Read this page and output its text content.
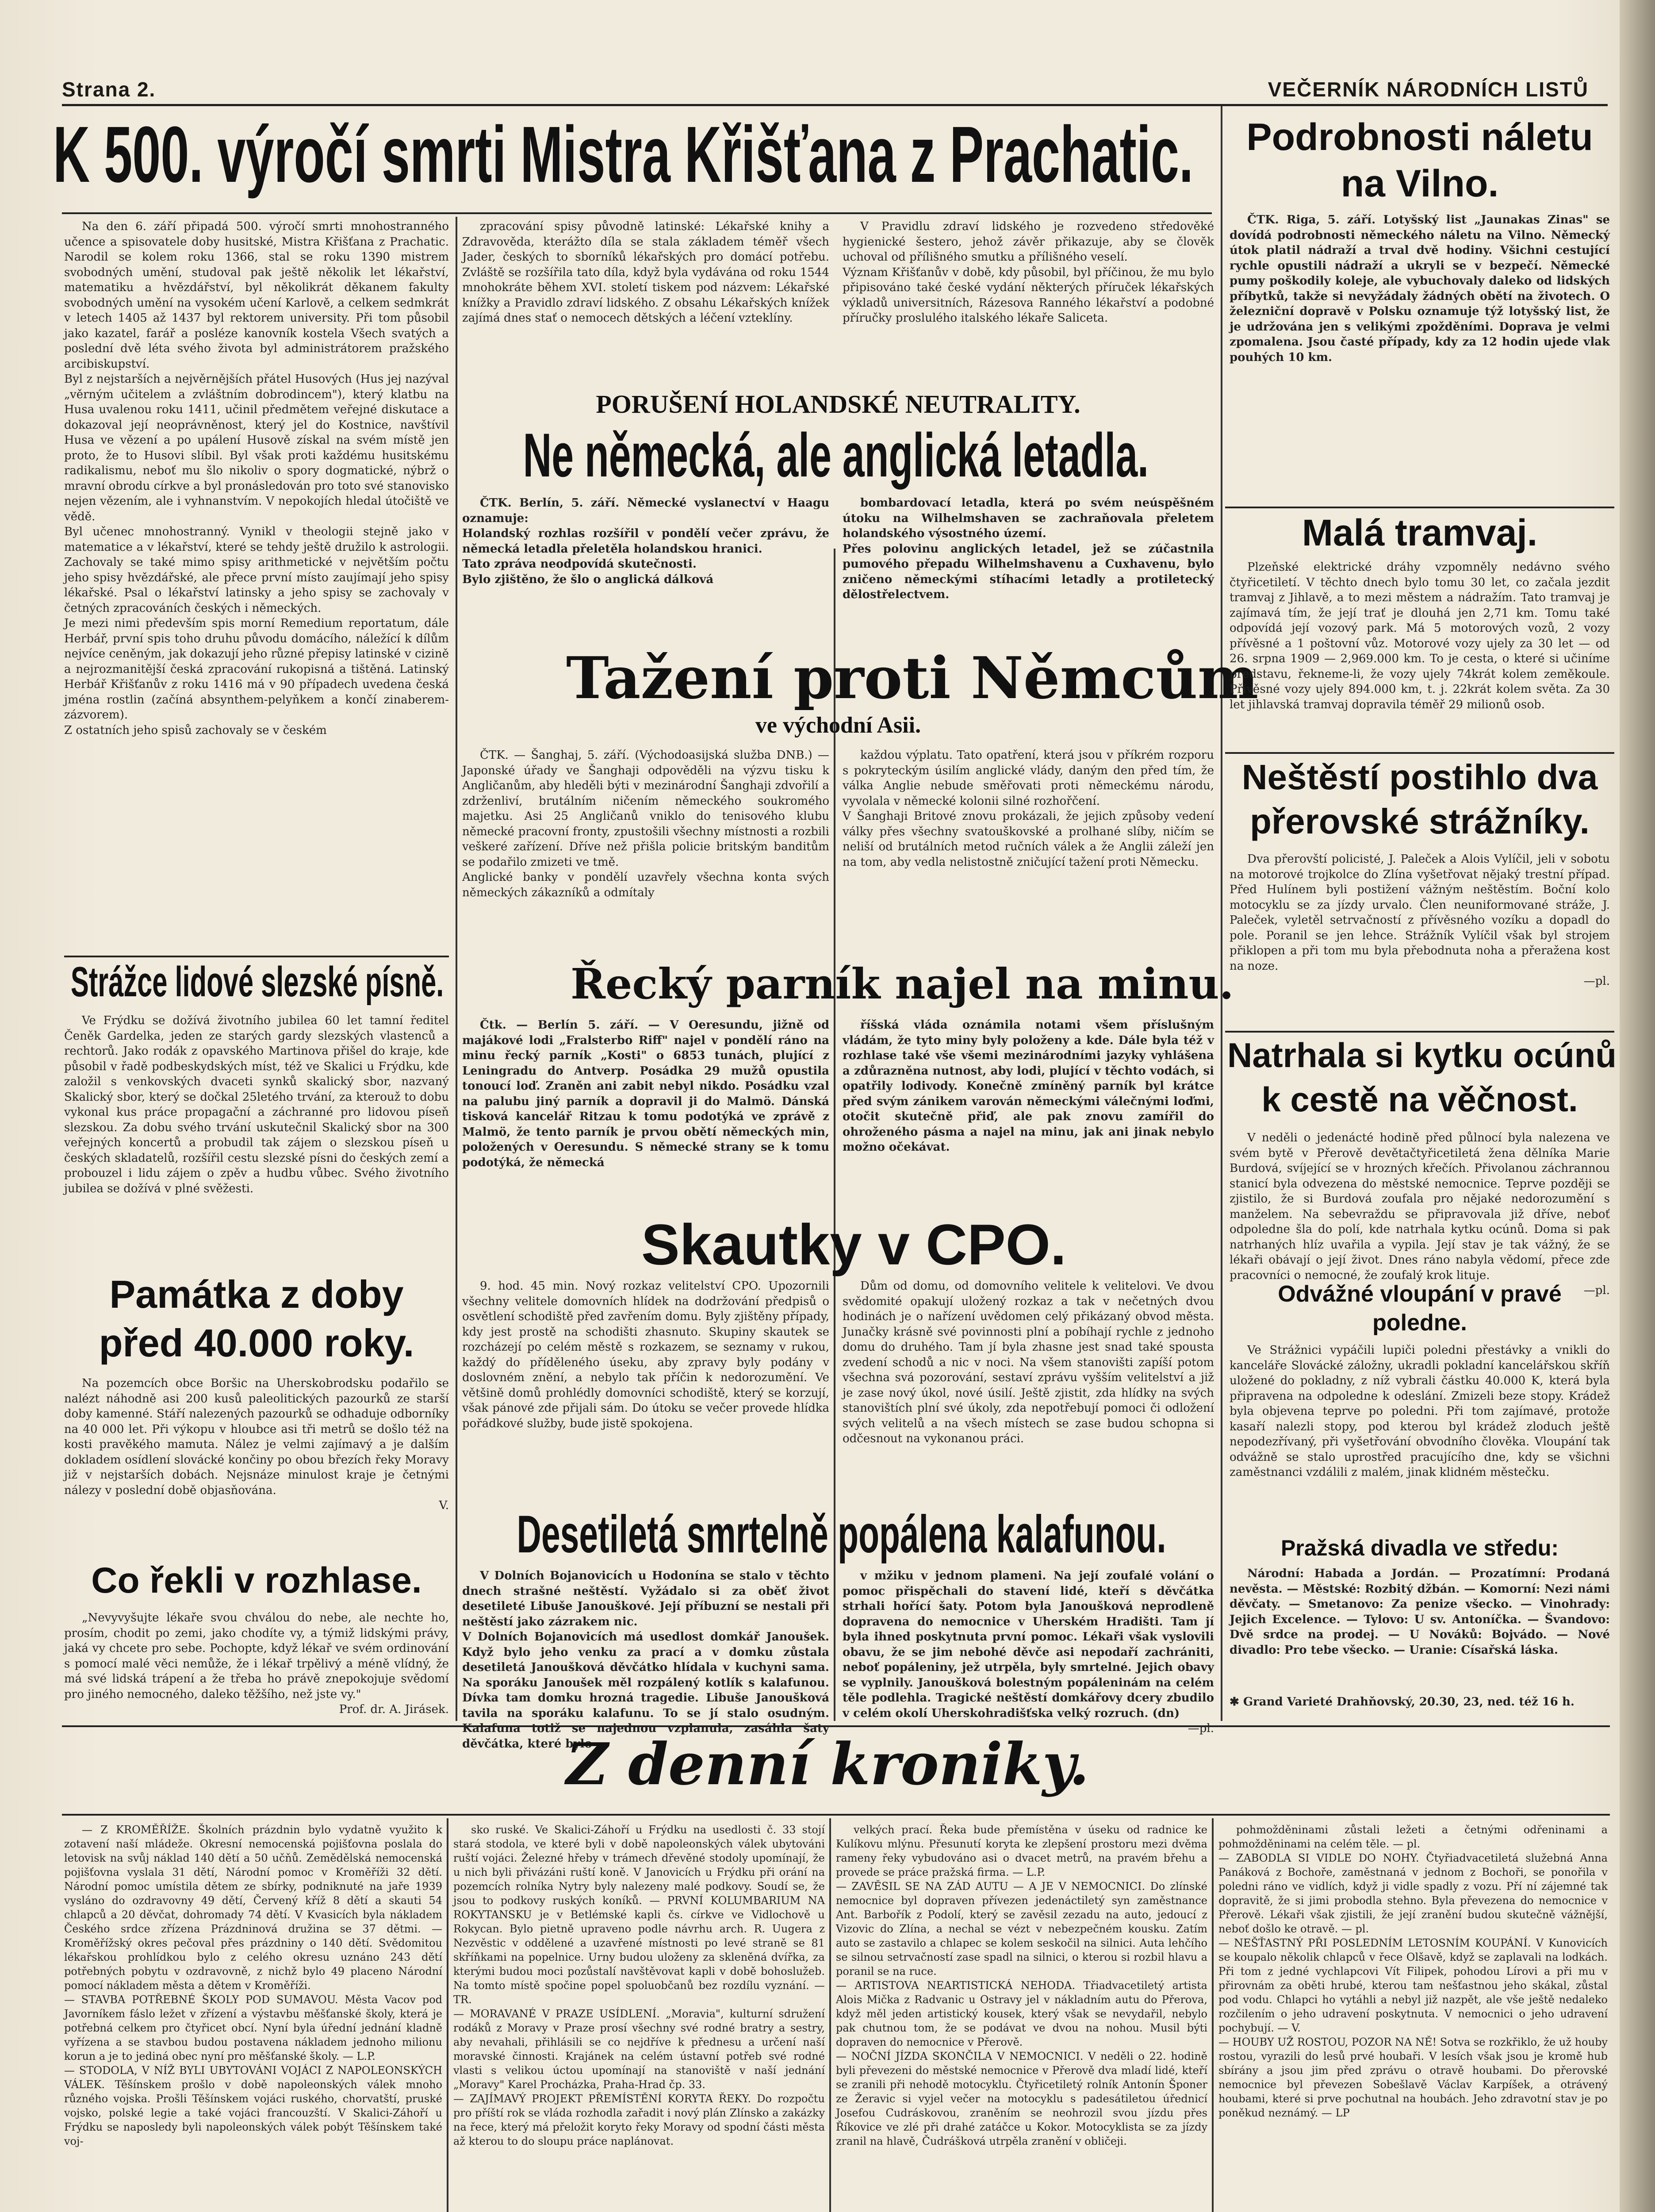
Strana 2.	VEČERNÍK NÁRODNÍCH LISTŮ
K 500. výročí smrti Mistra Křišťana z Prachatic.

Na den 6. září připadá 500. výročí smrti mnohostranného učence a spisovatele doby husitské, Mistra Křišťana z Prachatic. Narodil se kolem roku 1366, stal se roku 1390 mistrem svobodných umění, studoval pak ještě několik let lékařství, matematiku a hvězdářství, byl několikrát děkanem fakulty svobodných umění na vysokém učení Karlově, a celkem sedmkrát v letech 1405 až 1437 byl rektorem university. Při tom působil jako kazatel, farář a posléze kanovník kostela Všech svatých a poslední dvě léta svého života byl administrátorem pražského arcibiskupství.
Byl z nejstarších a nejvěrnějších přátel Husových (Hus jej nazýval „věrným učitelem a zvláštním dobrodincem"), který klatbu na Husa uvalenou roku 1411, učinil předmětem veřejné diskutace a dokazoval její neoprávněnost, který jel do Kostnice, navštívil Husa ve vězení a po upálení Husově získal na svém místě jen proto, že to Husovi slíbil. Byl však proti každému husitskému radikalismu, neboť mu šlo nikoliv o spory dogmatické, nýbrž o mravní obrodu církve a byl pronásledován pro toto své stanovisko nejen vězením, ale i vyhnanstvím. V nepokojích hledal útočiště ve vědě.
Byl učenec mnohostranný. Vynikl v theologii stejně jako v matematice a v lékařství, které se tehdy ještě družilo k astrologii. Zachovaly se také mimo spisy arithmetické v největším počtu jeho spisy hvězdářské, ale přece první místo zaujímají jeho spisy lékařské. Psal o lékařství latinsky a jeho spisy se zachovaly v četných zpracováních českých i německých.
Je mezi nimi především spis morní Remedium reportatum, dále Herbář, první spis toho druhu původu domácího, náležící k dílům nejvíce ceněným, jak dokazují jeho různé přepisy latinské v cizině a nejrozmanitější česká zpracování rukopisná a tištěná. Latinský Herbář Křišťanův z roku 1416 má v 90 případech uvedena česká jména rostlin (začíná absynthem-pelyňkem a končí zinaberem-zázvorem).
Z ostatních jeho spisů zachovaly se v českém

zpracování spisy původně latinské: Lékařské knihy a Zdravověda, kterážto díla se stala základem téměř všech Jader, českých to sborníků lékařských pro domácí potřebu. Zvláště se rozšířila tato díla, když byla vydávána od roku 1544 mnohokráte během XVI. století tiskem pod názvem: Lékařské knížky a Pravidlo zdraví lidského. Z obsahu Lékařských knížek zajímá dnes stať o nemocech dětských a léčení vzteklíny.

V Pravidlu zdraví lidského je rozvedeno středověké hygienické šestero, jehož závěr přikazuje, aby se člověk uchoval od přílišného smutku a přílišného veselí.
Význam Křišťanův v době, kdy působil, byl příčinou, že mu bylo připisováno také české vydání některých příruček lékařských výkladů universitních, Rázesova Ranného lékařství a podobné příručky proslulého italského lékaře Saliceta.

PORUŠENÍ HOLANDSKÉ NEUTRALITY.
Ne německá, ale anglická letadla.

ČTK. Berlín, 5. září. Německé vyslanectví v Haagu oznamuje:
Holandský rozhlas rozšířil v pondělí večer zprávu, že německá letadla přeletěla holandskou hranici.
Tato zpráva neodpovídá skutečnosti.
Bylo zjištěno, že šlo o anglická dálková

bombardovací letadla, která po svém neúspěšném útoku na Wilhelmshaven se zachraňovala přeletem holandského výsostného území.
Přes polovinu anglických letadel, jež se zúčastnila pumového přepadu Wilhelmshavenu a Cuxhavenu, bylo zničeno německými stíhacími letadly a protiletecký dělostřelectvem.

Tažení proti Němcům
ve východní Asii.

ČTK. — Šanghaj, 5. září. (Východoasijská služba DNB.) — Japonské úřady ve Šanghaji odpověděli na výzvu tisku k Angličanům, aby hleděli býti v mezinárodní Šanghaji zdvořilí a zdrženliví, brutálním ničením německého soukromého majetku. Asi 25 Angličanů vniklo do tenisového klubu německé pracovní fronty, zpustošili všechny místnosti a rozbili veškeré zařízení. Dříve než přišla policie britským banditům se podařilo zmizeti ve tmě.
Anglické banky v pondělí uzavřely všechna konta svých německých zákazníků a odmítaly

každou výplatu. Tato opatření, která jsou v příkrém rozporu s pokryteckým úsilím anglické vlády, daným den před tím, že válka Anglie nebude směřovati proti německému národu, vyvolala v německé kolonii silné rozhořčení.
V Šanghaji Britové znovu prokázali, že jejich způsoby vedení války přes všechny svatouškovské a prolhané slíby, ničím se neliší od brutálních metod ručních válek a že Anglii záleží jen na tom, aby vedla nelistostně zničující tažení proti Německu.

Řecký parník najel na minu.

Čtk. — Berlín 5. září. — V Oeresundu, jižně od majákové lodi „Fralsterbo Riff" najel v pondělí ráno na minu řecký parník „Kosti" o 6853 tunách, plující z Leningradu do Antverp. Posádka 29 mužů opustila tonoucí loď. Zraněn ani zabit nebyl nikdo. Posádku vzal na palubu jiný parník a dopravil ji do Malmö. Dánská tisková kancelář Ritzau k tomu podotýká ve zprávě z Malmö, že tento parník je prvou obětí německých min, položených v Oeresundu. S německé strany se k tomu podotýká, že německá

říšská vláda oznámila notami všem příslušným vládám, že tyto miny byly položeny a kde. Dále byla též v rozhlase také vše všemi mezinárodními jazyky vyhlášena a zdůrazněna nutnost, aby lodi, plující v těchto vodách, si opatřily lodivody. Konečně zmíněný parník byl krátce před svým zánikem varován německými válečnými loďmi, otočit skutečně přiď, ale pak znovu zamířil do ohroženého pásma a najel na minu, jak ani jinak nebylo možno očekávat.

Skautky v CPO.

9. hod. 45 min. Nový rozkaz velitelství CPO. Upozornili všechny velitele domovních hlídek na dodržování předpisů o osvětlení schodiště před zavřením domu. Byly zjištěny případy, kdy jest prostě na schodišti zhasnuto. Skupiny skautek se rozcházejí po celém městě s rozkazem, se seznamy v rukou, každý do příděleného úseku, aby zpravy byly podány v doslovném znění, a nebylo tak příčin k nedorozumění. Ve většině domů prohlédly domovníci schodiště, který se korzují, však pánové zde přijali sám. Do útoku se večer provede hlídka pořádkové služby, bude jistě spokojena.

Dům od domu, od domovního velitele k velitelovi. Ve dvou svědomité opakují uložený rozkaz a tak v nečetných dvou hodinách je o nařízení uvědomen celý přikázaný obvod města. Junačky krásně své povinnosti plní a pobíhají rychle z jednoho domu do druhého. Tam jí byla zhasne jest snad také spousta zvedení schodů a nic v noci. Na všem stanovišti zapíší potom všechna svá pozorování, sestaví zprávu vyšším velitelství a již je zase nový úkol, nové úsilí. Ještě zjistit, zda hlídky na svých stanovištích plní své úkoly, zda nepotřebují pomoci či odložení svých velitelů a na všech místech se zase budou schopna si odčesnout na vykonanou práci.

Desetiletá smrtelně popálena kalafunou.

V Dolních Bojanovicích u Hodonína se stalo v těchto dnech strašné neštěstí. Vyžádalo si za oběť život desetileté Libuše Janouškové. Její příbuzní se nestali při neštěstí jako zázrakem nic.
V Dolních Bojanovicích má usedlost domkář Janoušek. Když bylo jeho venku za prací a v domku zůstala desetiletá Janoušková děvčátko hlídala v kuchyni sama. Na sporáku Janoušek měl rozpálený kotlík s kalafunou. Dívka tam domku hrozná tragedie. Libuše Janoušková tavila na sporáku kalafunu. To se jí stalo osudným. Kalafuna totiž se najednou vzplanula, zasáhla šaty děvčátka, které bylo

v mžiku v jednom plameni. Na její zoufalé volání o pomoc přispěchali do stavení lidé, kteří s děvčátka strhali hořící šaty. Potom byla Janoušková neprodleně dopravena do nemocnice v Uherském Hradišti. Tam jí byla ihned poskytnuta první pomoc. Lékaři však vyslovili obavu, že se jim nebohé děvče asi nepodaří zachrániti, neboť popáleniny, jež utrpěla, byly smrtelné. Jejich obavy se vyplnily. Janoušková bolestným popáleninám na celém těle podlehla. Tragické neštěstí domkářovy dcery zbudilo v celém okolí Uherskohradišťska velký rozruch. (dn)

—pl.

Strážce lidové slezské písně.

Ve Frýdku se dožívá životního jubilea 60 let tamní ředitel Čeněk Gardelka, jeden ze starých gardy slezských vlastenců a rechtorů. Jako rodák z opavského Martinova přišel do kraje, kde působil v řadě podbeskydských míst, též ve Skalici u Frýdku, kde založil s venkovských dvaceti synků skalický sbor, nazvaný Skalický sbor, který se dočkal 25letého trvání, za kterouž to dobu vykonal kus práce propagační a záchranné pro lidovou píseň slezskou. Za dobu svého trvání uskutečnil Skalický sbor na 300 veřejných koncertů a probudil tak zájem o slezskou píseň u českých skladatelů, rozšířil cestu slezské písni do českých zemí a probouzel i lidu zájem o zpěv a hudbu vůbec. Svého životního jubilea se dožívá v plné svěžesti.

Památka z doby
před 40.000 roky.

Na pozemcích obce Boršic na Uherskobrodsku podařilo se nalézt náhodně asi 200 kusů paleolitických pazourků ze starší doby kamenné. Stáří nalezených pazourků se odhaduje odborníky na 40 000 let. Při výkopu v hloubce asi tři metrů se došlo též na kosti pravěkého mamuta. Nález je velmi zajímavý a je dalším dokladem osídlení slovácké končiny po obou březích řeky Moravy již v nejstarších dobách. Nejsnáze minulost kraje je četnými nálezy v poslední době objasňována.

V.

Co řekli v rozhlase.

„Nevyvyšujte lékaře svou chválou do nebe, ale nechte ho, prosím, chodit po zemi, jako chodíte vy, a týmiž lidskými právy, jaká vy chcete pro sebe. Pochopte, když lékař ve svém ordinování s pomocí malé věci nemůže, že i lékař trpělivý a méně vlídný, že má své lidská trápení a že třeba ho právě znepokojuje svědomí pro jiného nemocného, daleko těžšího, než jste vy."

Prof. dr. A. Jirásek.

Podrobnosti náletu
na Vilno.

ČTK. Riga, 5. září. Lotyšský list „Jaunakas Zinas" se dovídá podrobnosti německého náletu na Vilno. Německý útok platil nádraží a trval dvě hodiny. Všichni cestující rychle opustili nádraží a ukryli se v bezpečí. Německé pumy poškodily koleje, ale vybuchovaly daleko od lidských příbytků, takže si nevyžádaly žádných obětí na životech. O železniční dopravě v Polsku oznamuje týž lotyšský list, že je udržována jen s velikými zpožděními. Doprava je velmi zpomalena. Jsou časté případy, kdy za 12 hodin ujede vlak pouhých 10 km.

Malá tramvaj.

Plzeňské elektrické dráhy vzpomněly nedávno svého čtyřicetiletí. V těchto dnech bylo tomu 30 let, co začala jezdit tramvaj z Jihlavě, a to mezi městem a nádražím. Tato tramvaj je zajímavá tím, že její trať je dlouhá jen 2,71 km. Tomu také odpovídá její vozový park. Má 5 motorových vozů, 2 vozy přívěsné a 1 poštovní vůz. Motorové vozy ujely za 30 let — od 26. srpna 1909 — 2,969.000 km. To je cesta, o které si učiníme představu, řekneme-li, že vozy ujely 74krát kolem zeměkoule. Přívěsné vozy ujely 894.000 km, t. j. 22krát kolem světa. Za 30 let jihlavská tramvaj dopravila téměř 29 milionů osob.

Neštěstí postihlo dva
přerovské strážníky.

Dva přerovští policisté, J. Paleček a Alois Vylíčil, jeli v sobotu na motorové trojkolce do Zlína vyšetřovat nějaký trestní případ. Před Hulínem byli postižení vážným neštěstím. Boční kolo motocyklu se za jízdy urvalo. Člen neuniformované stráže, J. Paleček, vyletěl setrvačností z přívěsného vozíku a dopadl do pole. Poranil se jen lehce. Strážník Vylíčil však byl strojem přiklopen a při tom mu byla přebodnuta noha a přeražena kost na noze.

—pl.

Natrhala si kytku ocúnů
k cestě na věčnost.

V neděli o jedenácté hodině před půlnocí byla nalezena ve svém bytě v Přerově devětačtyřicetiletá žena dělníka Marie Burdová, svíjející se v hrozných křečích. Přivolanou záchrannou stanicí byla odvezena do městské nemocnice. Teprve později se zjistilo, že si Burdová zoufala pro nějaké nedorozumění s manželem. Na sebevraždu se připravovala již dříve, neboť odpoledne šla do polí, kde natrhala kytku ocúnů. Doma si pak natrhaných hlíz uvařila a vypila. Její stav je tak vážný, že se lékaři obávají o její život. Dnes ráno nabyla vědomí, přece zde pracovníci o nemocné, že zoufalý krok lituje.

—pl.

Odvážné vloupání v pravé
poledne.

Ve Strážnici vypáčili lupiči poledni přestávky a vnikli do kanceláře Slovácké záložny, ukradli pokladní kancelářskou skříň uložené do pokladny, z níž vybrali částku 40.000 K, která byla připravena na odpoledne k odeslání. Zmizeli beze stopy. Krádež byla objevena teprve po poledni. Při tom zajímavé, protože kasaří nalezli stopy, pod kterou byl krádež zloduch ještě nepodezřívaný, při vyšetřování obvodního člověka. Vloupání tak odvážně se stalo uprostřed pracujícího dne, kdy se všichni zaměstnanci vzdálili z malém, jinak klidném městečku.

Pražská divadla ve středu:

Národní: Habada a Jordán. — Prozatímní: Prodaná nevěsta. — Městské: Rozbitý džbán. — Komorní: Nezi námi děvčaty. — Smetanovo: Za penize všecko. — Vinohrady: Jejich Excelence. — Tylovo: U sv. Antoníčka. — Švandovo: Dvě srdce na prodej. — U Nováků: Bojvádo. — Nové divadlo: Pro tebe všecko. — Uranie: Císařská láska.

✱ Grand Varieté Drahňovský, 20.30, 23, ned. též 16 h.
Z denní kroniky.

— Z KROMĚŘÍŽE. Školních prázdnin bylo vydatně využito k zotavení naší mládeže. Okresní nemocenská pojišťovna poslala do letovisk na svůj náklad 140 dětí a 50 učňů. Zemědělská nemocenská pojišťovna vyslala 31 dětí, Národní pomoc v Kroměříži 32 dětí. Národní pomoc umístila dětem ze sbírky, podniknuté na jaře 1939 vysláno do ozdravovny 49 dětí, Červený kříž 8 dětí a skauti 54 chlapců a 20 děvčat, dohromady 74 dětí. V Kvasicích byla nákladem Českého srdce zřízena Prázdninová družina se 37 dětmi. — Kroměřížský okres pečoval přes prázdniny o 140 dětí. Svědomitou lékařskou prohlídkou bylo z celého okresu uznáno 243 dětí potřebných pobytu v ozdravovně, z nichž bylo 49 placeno Národní pomocí nákladem města a dětem v Kroměříži.
— STAVBA POTŘEBNÉ ŠKOLY POD SUMAVOU. Města Vacov pod Javorníkem fáslo ležet v zřízení a výstavbu měšťanské školy, která je potřebná celkem pro čtyřicet obcí. Nyní byla úřední jednání kladně vyřízena a se stavbou budou postavena nákladem jednoho milionu korun a je to jediná obec nyní pro měšťanské školy. — L.P.
— STODOLA, V NÍŽ BYLI UBYTOVÁNI VOJÁCI Z NAPOLEONSKÝCH VÁLEK. Těšínskem prošlo v době napoleonských válek mnoho různého vojska. Prošli Těšínskem vojáci ruského, chorvatští, pruské vojsko, polské legie a také vojáci francouzští. V Skalici-Záhoří u Frýdku se naposledy byli napoleonských válek pobýt Těšínskem také voj-

sko ruské. Ve Skalici-Záhoří u Frýdku na usedlosti č. 33 stojí stará stodola, ve které byli v době napoleonských válek ubytováni ruští vojáci. Železné hřeby v trámech dřevěné stodoly upomínají, že u nich byli přivázáni ruští koně. V Janovicích u Frýdku při orání na pozemcích rolníka Nytry byly nalezeny malé podkovy. Soudí se, že jsou to podkovy ruských koníků. — PRVNÍ KOLUMBARIUM NA ROKYTANSKU je v Betlémské kapli čs. církve ve Vidlochově u Rokycan. Bylo pietně upraveno podle návrhu arch. R. Uugera z Nezvěstic v oddělené a uzavřené místnosti po levé straně se 81 skříňkami na popelnice. Urny budou uloženy za skleněná dvířka, za kterými budou moci pozůstalí navštěvovat kapli v době bohoslužeb. Na tomto místě spočine popel spoluobčanů bez rozdílu vyznání. — TR.
— MORAVANÉ V PRAZE USÍDLENÍ. „Moravia", kulturní sdružení rodáků z Moravy v Praze prosí všechny své rodné bratry a sestry, aby nevahali, přihlásili se co nejdříve k přednesu a určení naší moravské činnosti. Krajánek na celém ústavní potřeb své rodné vlasti s velikou úctou upomínají na stanoviště v naší jednání „Moravy" Karel Procházka, Praha-Hrad čp. 33.
— ZAJÍMAVÝ PROJEKT PŘEMÍSTĚNÍ KORYTA ŘEKY. Do rozpočtu pro příští rok se vláda rozhodla zařadit i nový plán Zlínsko a zakázky na řece, který má přeložit koryto řeky Moravy od spodní části města až kterou to do sloupu práce naplánovat.

velkých prací. Řeka bude přemístěna v úseku od radnice ke Kulíkovu mlýnu. Přesunutí koryta ke zlepšení prostoru mezi dvěma rameny řeky vybudováno asi o dvacet metrů, na pravém břehu a provede se práce pražská firma. — L.P.
— ZAVĚSIL SE NA ZÁD AUTU — A JE V NEMOCNICI. Do zlínské nemocnice byl dopraven přívezen jedenáctiletý syn zaměstnance Ant. Barbořík z Podolí, který se zavěsil zezadu na auto, jedoucí z Vizovic do Zlína, a nechal se vézt v nebezpečném kousku. Zatím auto se zastavilo a chlapec se kolem seskočil na silnici. Auta lehčího se silnou setrvačností zase spadl na silnici, o kterou si rozbil hlavu a poranil se na ruce.
— ARTISTOVA NEARTISTICKÁ NEHODA. Třiadvacetiletý artista Alois Mička z Radvanic u Ostravy jel v nákladním autu do Přerova, když měl jeden artistický kousek, který však se nevydařil, nebylo pak chutnou tom, že se podávat ve dvou na nohou. Musil býti dopraven do nemocnice v Přerově.
— NOČNÍ JÍZDA SKONČILA V NEMOCNICI. V neděli o 22. hodině byli převezeni do městské nemocnice v Přerově dva mladí lidé, kteří se zranili při nehodě motocyklu. Čtyřicetiletý rolník Antonín Šponer ze Žeravic si vyjel večer na motocyklu s padesátiletou úřednicí Josefou Cudráskovou, zraněním se neohrozil svou jízdu přes Říkovice ve zlé při drahé zatáčce u Kokor. Motocyklista se za jízdy zranil na hlavě, Čudrášková utrpěla zranění v obličeji.

pohmožděninami zůstali ležeti a četnými odřeninami a pohmožděninami na celém těle. — pl.
— ZABODLA SI VIDLE DO NOHY. Čtyřiadvacetiletá služebná Anna Panáková z Bochoře, zaměstnaná v jednom z Bochoři, se ponořila v poledni ráno ve vidlích, když ji vidle spadly z vozu. Pří ní zájemné tak dopravitě, že si jimi probodla stehno. Byla převezena do nemocnice v Přerově. Lékaři však zjistili, že její zranění budou skutečně vážnější, neboť došlo ke otravě. — pl.
— NEŠŤASTNÝ PŘI POSLEDNÍM LETOSNÍM KOUPÁNÍ. V Kunovicích se koupalo několik chlapců v řece Olšavě, když se zaplavali na lodkách. Při tom z jedné vychlapcovi Vít Filipek, pohodou Lírovi a při mu v přirovnám za oběti hrubé, kterou tam nešťastnou jeho skákal, zůstal pod vodu. Chlapci ho vytáhli a nebyl již nazpět, ale vše ještě nedaleko rozčilením o jeho udravení poskytnuta. V nemocnici o jeho udravení pochybují. — V.
— HOUBY UŽ ROSTOU, POZOR NA NĚ! Sotva se rozkřiklo, že už houby rostou, vyrazili do lesů prvé houbaři. V lesích však jsou je kromě hub sbírány a jsou jim před zprávu o otravě houbami. Do přerovské nemocnice byl převezen Sobešlavě Václav Karpíšek, a otrávený houbami, které si prve pochutnal na houbách. Jeho zdravotní stav je po poněkud neznámý. — LP
